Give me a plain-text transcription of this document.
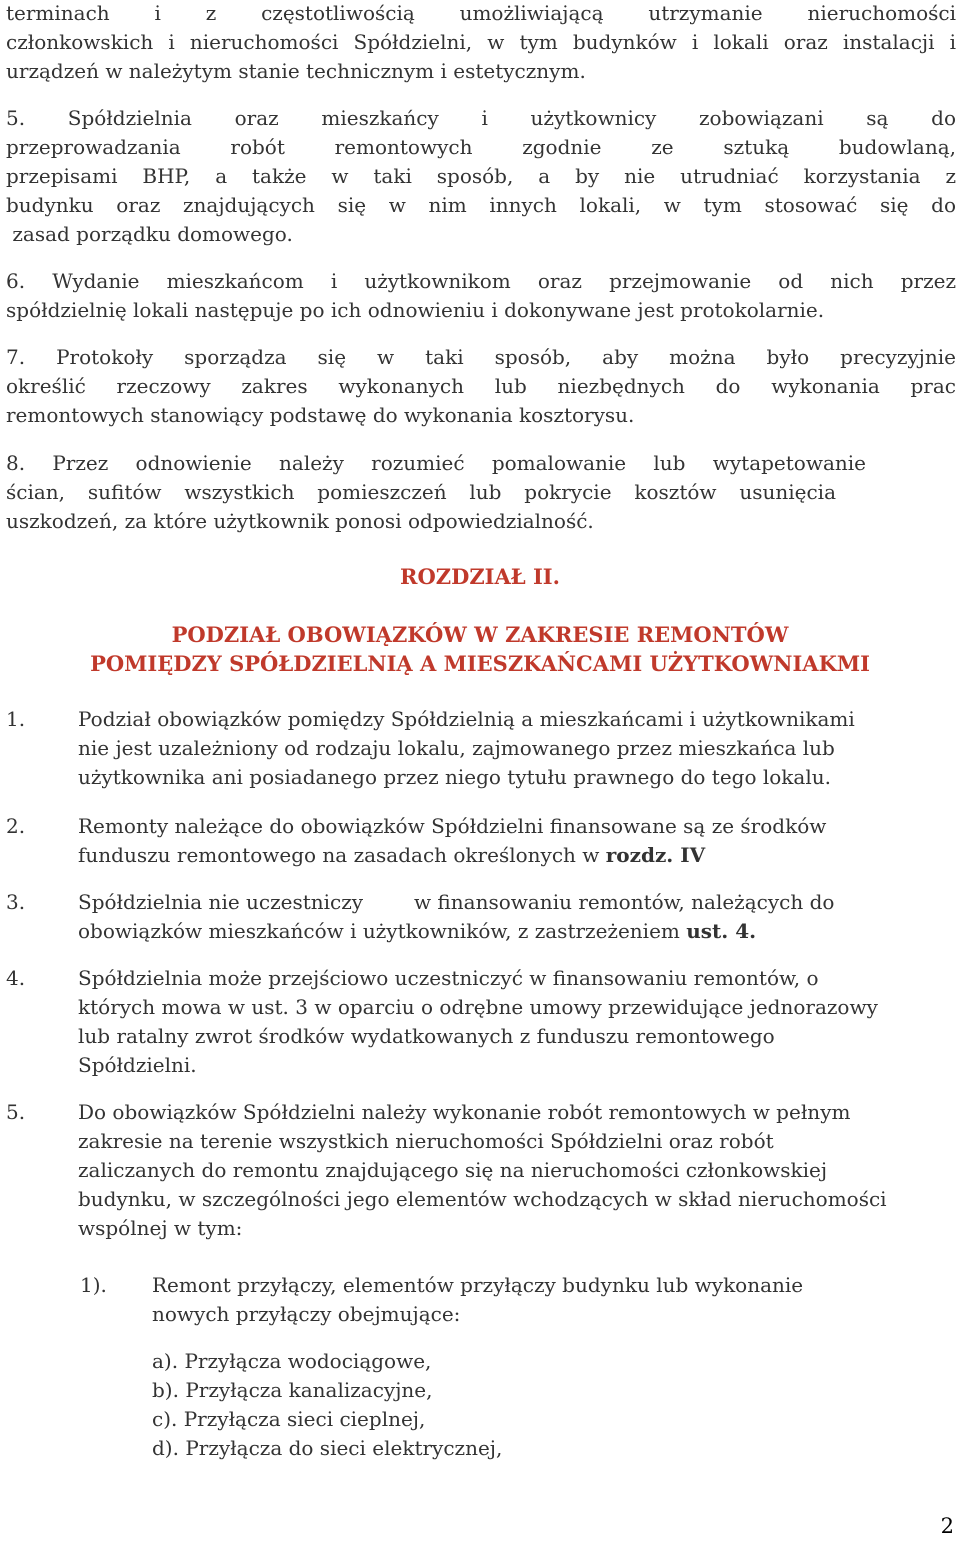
terminach i z częstotliwością umożliwiającą utrzymanie nieruchomości
członkowskich i nieruchomości Spółdzielni, w tym budynków i lokali oraz instalacji i
urządzeń w należytym stanie technicznym i estetycznym.
5. Spółdzielnia oraz mieszkańcy i użytkownicy zobowiązani są do
przeprowadzania robót remontowych zgodnie ze sztuką budowlaną,
przepisami BHP, a także w taki sposób, a by nie utrudniać korzystania z
budynku oraz znajdujących się w nim innych lokali, w tym stosować się do
zasad porządku domowego.
6. Wydanie mieszkańcom i użytkownikom oraz przejmowanie od nich przez
spółdzielnię lokali następuje po ich odnowieniu i dokonywane jest protokolarnie.
7. Protokoły sporządza się w taki sposób, aby można było precyzyjnie
określić rzeczowy zakres wykonanych lub niezbędnych do wykonania prac
remontowych stanowiący podstawę do wykonania kosztorysu.
8. Przez odnowienie należy rozumieć pomalowanie lub wytapetowanie
ścian, sufitów wszystkich pomieszczeń lub pokrycie kosztów usunięcia
uszkodzeń, za które użytkownik ponosi odpowiedzialność.
ROZDZIAŁ II.
PODZIAŁ OBOWIĄZKÓW W ZAKRESIE REMONTÓW
POMIĘDZY SPÓŁDZIELNIĄ A MIESZKAŃCAMI UŻYTKOWNIAKMI
1.	Podział obowiązków pomiędzy Spółdzielnią a mieszkańcami i użytkownikami
nie jest uzależniony od rodzaju lokalu, zajmowanego przez mieszkańca lub
użytkownika ani posiadanego przez niego tytułu prawnego do tego lokalu.
2.	Remonty należące do obowiązków Spółdzielni finansowane są ze środków
funduszu remontowego na zasadach określonych w rozdz. IV
3.	Spółdzielnia nie uczestniczy        w finansowaniu remontów, należących do
obowiązków mieszkańców i użytkowników, z zastrzeżeniem ust. 4.
4.	Spółdzielnia może przejściowo uczestniczyć w finansowaniu remontów, o
których mowa w ust. 3 w oparciu o odrębne umowy przewidujące jednorazowy
lub ratalny zwrot środków wydatkowanych z funduszu remontowego
Spółdzielni.
5.	Do obowiązków Spółdzielni należy wykonanie robót remontowych w pełnym
zakresie na terenie wszystkich nieruchomości Spółdzielni oraz robót
zaliczanych do remontu znajdującego się na nieruchomości członkowskiej
budynku, w szczególności jego elementów wchodzących w skład nieruchomości
wspólnej w tym:
1). Remont przyłączy, elementów przyłączy budynku lub wykonanie
nowych przyłączy obejmujące:
a). Przyłącza wodociągowe,
b). Przyłącza kanalizacyjne,
c). Przyłącza sieci cieplnej,
d). Przyłącza do sieci elektrycznej,
2
